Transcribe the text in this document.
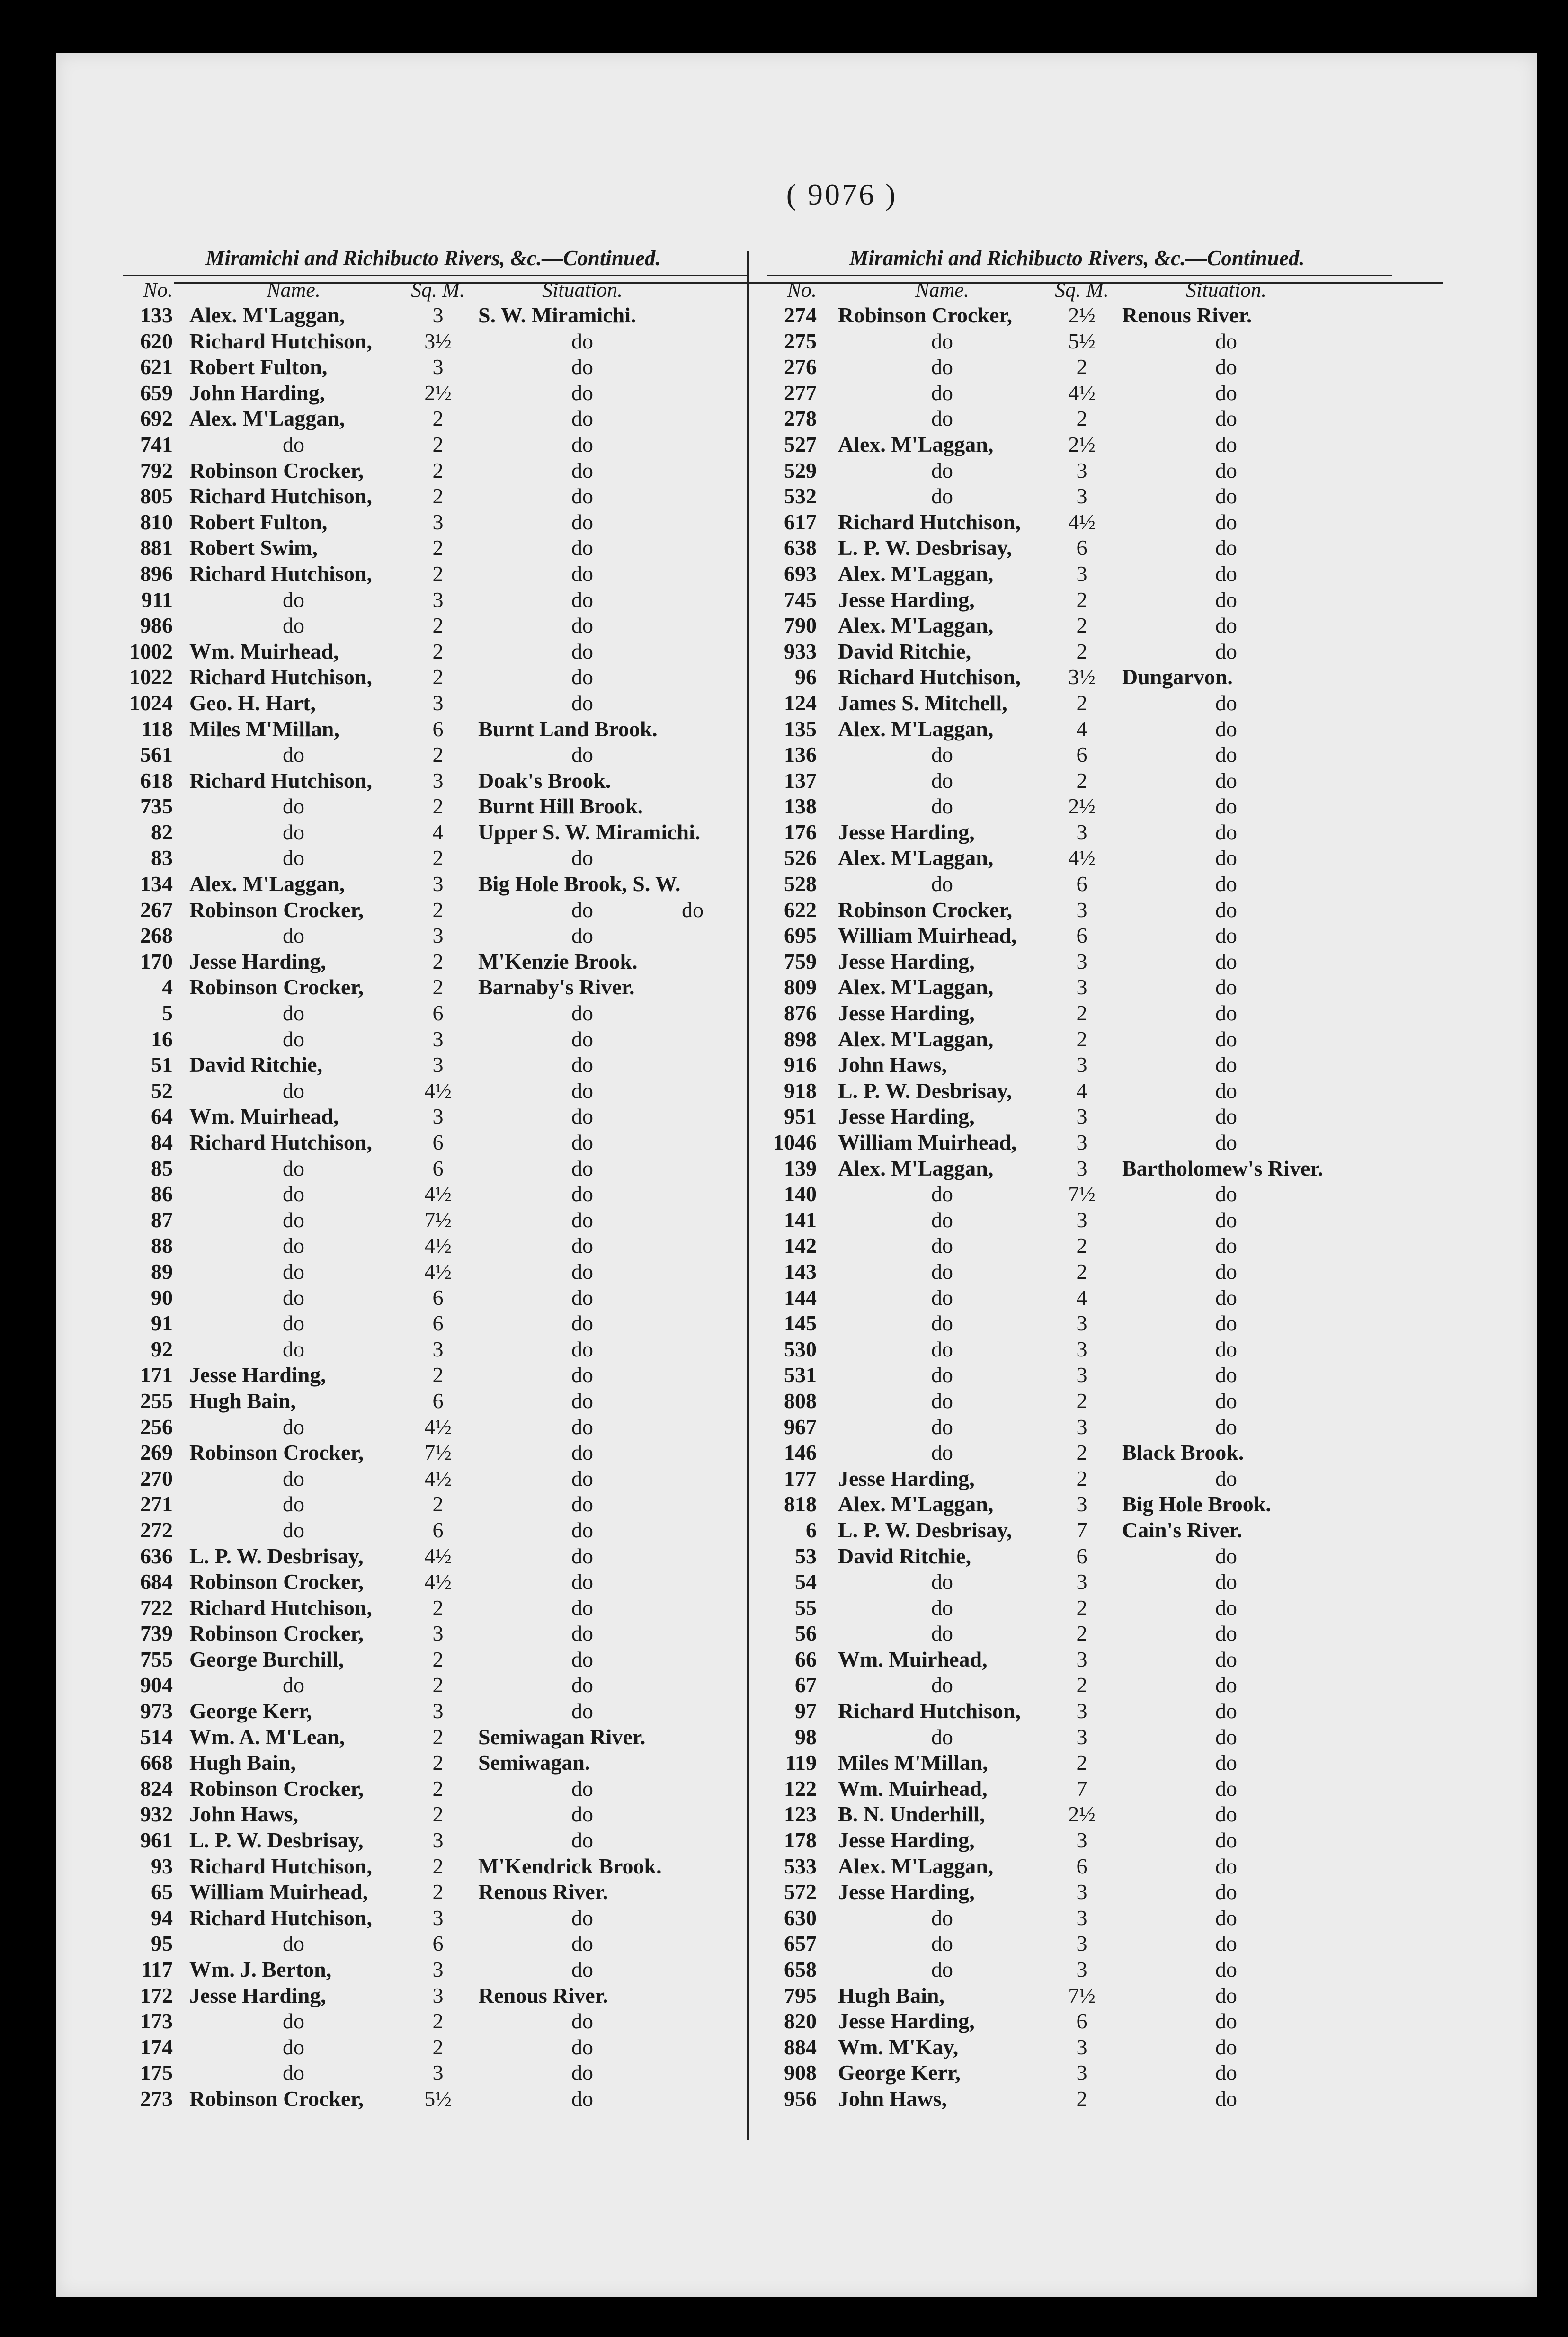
( 9076 )
Miramichi and Richibucto Rivers, &c.—Continued.
No.	Name.	Sq. M.	Situation.
133 Alex. M'Laggan,	3	S. W. Miramichi.
620 Richard Hutchison,	3½	do
621 Robert Fulton,	3	do
659 John Harding,	2½	do
692 Alex. M'Laggan,	2	do
741	do	2	do
792 Robinson Crocker,	2	do
805 Richard Hutchison,	2	do
810 Robert Fulton,	3	do
881 Robert Swim,	2	do
896 Richard Hutchison,	2	do
911	do	3	do
986	do	2	do
1002 Wm. Muirhead,	2	do
1022 Richard Hutchison,	2	do
1024 Geo. H. Hart,	3	do
118 Miles M'Millan,	6	Burnt Land Brook.
561	do	2	do
618 Richard Hutchison,	3	Doak's Brook.
735	do	2	Burnt Hill Brook.
82	do	4	Upper S. W. Miramichi.
83	do	2	do
134 Alex. M'Laggan,	3	Big Hole Brook, S. W.
267 Robinson Crocker,	2	do	do
268	do	3	do
170 Jesse Harding,	2	M'Kenzie Brook.
4 Robinson Crocker,	2	Barnaby's River.
5	do	6	do
16	do	3	do
51 David Ritchie,	3	do
52	do	4½	do
64 Wm. Muirhead,	3	do
84 Richard Hutchison,	6	do
85	do	6	do
86	do	4½	do
87	do	7½	do
88	do	4½	do
89	do	4½	do
90	do	6	do
91	do	6	do
92	do	3	do
171 Jesse Harding,	2	do
255 Hugh Bain,	6	do
256	do	4½	do
269 Robinson Crocker,	7½	do
270	do	4½	do
271	do	2	do
272	do	6	do
636 L. P. W. Desbrisay,	4½	do
684 Robinson Crocker,	4½	do
722 Richard Hutchison,	2	do
739 Robinson Crocker,	3	do
755 George Burchill,	2	do
904	do	2	do
973 George Kerr,	3	do
514 Wm. A. M'Lean,	2	Semiwagan River.
668 Hugh Bain,	2	Semiwagan.
824 Robinson Crocker,	2	do
932 John Haws,	2	do
961 L. P. W. Desbrisay,	3	do
93 Richard Hutchison,	2	M'Kendrick Brook.
65 William Muirhead,	2	Renous River.
94 Richard Hutchison,	3	do
95	do	6	do
117 Wm. J. Berton,	3	do
172 Jesse Harding,	3	Renous River.
173	do	2	do
174	do	2	do
175	do	3	do
273 Robinson Crocker,	5½	do
Miramichi and Richibucto Rivers, &c.—Continued.
No.	Name.	Sq. M.	Situation.
274 Robinson Crocker,	2½	Renous River.
275	do	5½	do
276	do	2	do
277	do	4½	do
278	do	2	do
527 Alex. M'Laggan,	2½	do
529	do	3	do
532	do	3	do
617 Richard Hutchison,	4½	do
638 L. P. W. Desbrisay,	6	do
693 Alex. M'Laggan,	3	do
745 Jesse Harding,	2	do
790 Alex. M'Laggan,	2	do
933 David Ritchie,	2	do
96 Richard Hutchison,	3½	Dungarvon.
124 James S. Mitchell,	2	do
135 Alex. M'Laggan,	4	do
136	do	6	do
137	do	2	do
138	do	2½	do
176 Jesse Harding,	3	do
526 Alex. M'Laggan,	4½	do
528	do	6	do
622 Robinson Crocker,	3	do
695 William Muirhead,	6	do
759 Jesse Harding,	3	do
809 Alex. M'Laggan,	3	do
876 Jesse Harding,	2	do
898 Alex. M'Laggan,	2	do
916 John Haws,	3	do
918 L. P. W. Desbrisay,	4	do
951 Jesse Harding,	3	do
1046 William Muirhead,	3	do
139 Alex. M'Laggan,	3	Bartholomew's River.
140	do	7½	do
141	do	3	do
142	do	2	do
143	do	2	do
144	do	4	do
145	do	3	do
530	do	3	do
531	do	3	do
808	do	2	do
967	do	3	do
146	do	2	Black Brook.
177 Jesse Harding,	2	do
818 Alex. M'Laggan,	3	Big Hole Brook.
6 L. P. W. Desbrisay,	7	Cain's River.
53 David Ritchie,	6	do
54	do	3	do
55	do	2	do
56	do	2	do
66 Wm. Muirhead,	3	do
67	do	2	do
97 Richard Hutchison,	3	do
98	do	3	do
119 Miles M'Millan,	2	do
122 Wm. Muirhead,	7	do
123 B. N. Underhill,	2½	do
178 Jesse Harding,	3	do
533 Alex. M'Laggan,	6	do
572 Jesse Harding,	3	do
630	do	3	do
657	do	3	do
658	do	3	do
795 Hugh Bain,	7½	do
820 Jesse Harding,	6	do
884 Wm. M'Kay,	3	do
908 George Kerr,	3	do
956 John Haws,	2	do
